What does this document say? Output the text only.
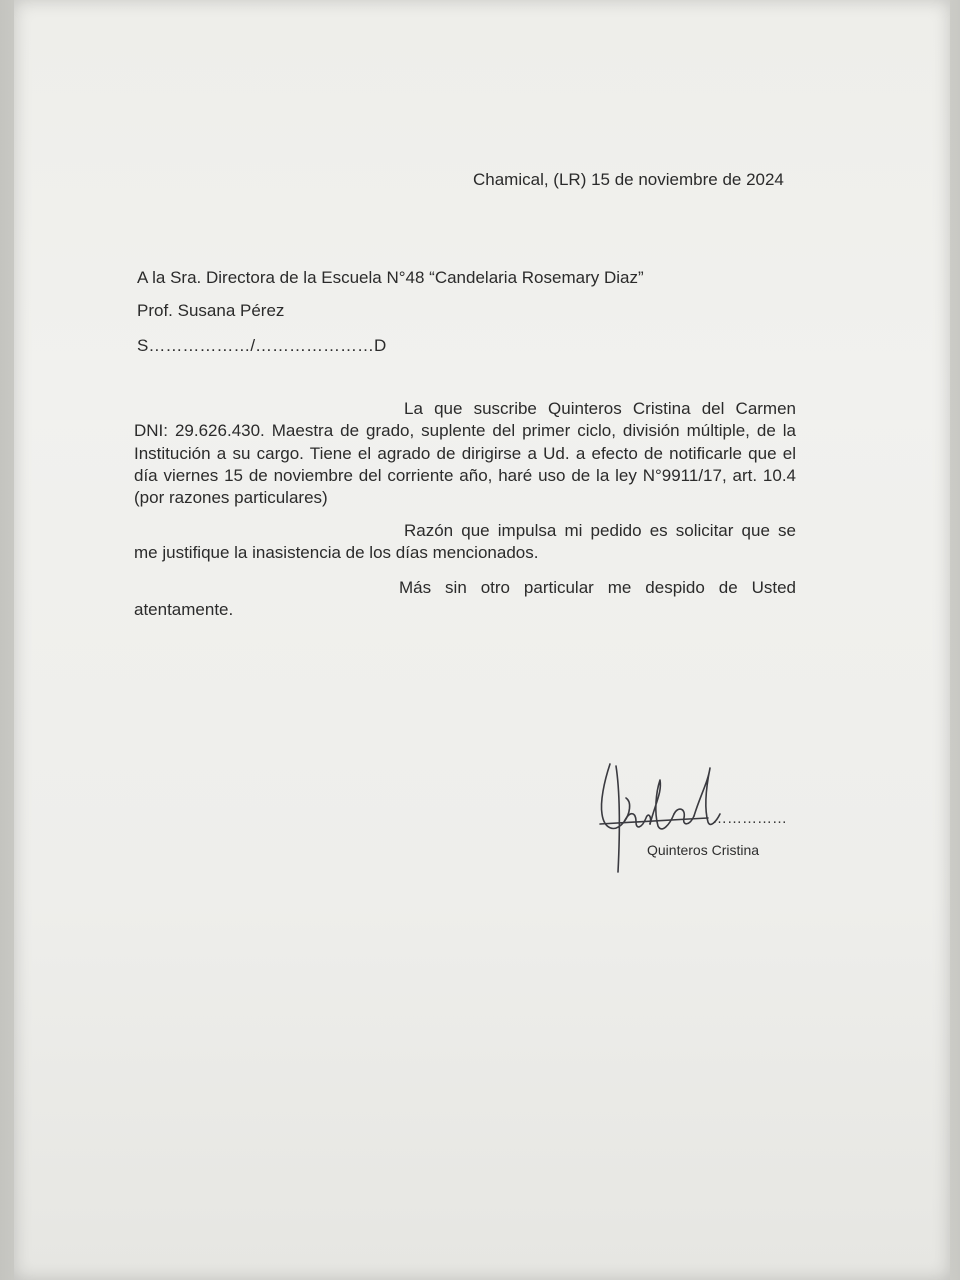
Chamical, (LR) 15 de noviembre de 2024
A la Sra. Directora de la Escuela N°48 “Candelaria Rosemary Diaz”
Prof. Susana Pérez
S………………/…………………D
La que suscribe Quinteros Cristina del Carmen DNI: 29.626.430. Maestra de grado, suplente del primer ciclo, división múltiple, de la Institución a su cargo. Tiene el agrado de dirigirse a Ud. a efecto de notificarle que el día viernes 15 de noviembre del corriente año, haré uso de la ley N°9911/17, art. 10.4 (por razones particulares)
Razón que impulsa mi pedido es solicitar que se me justifique la inasistencia de los días mencionados.
Más sin otro particular me despido de Usted atentamente.
……………
Quinteros Cristina
